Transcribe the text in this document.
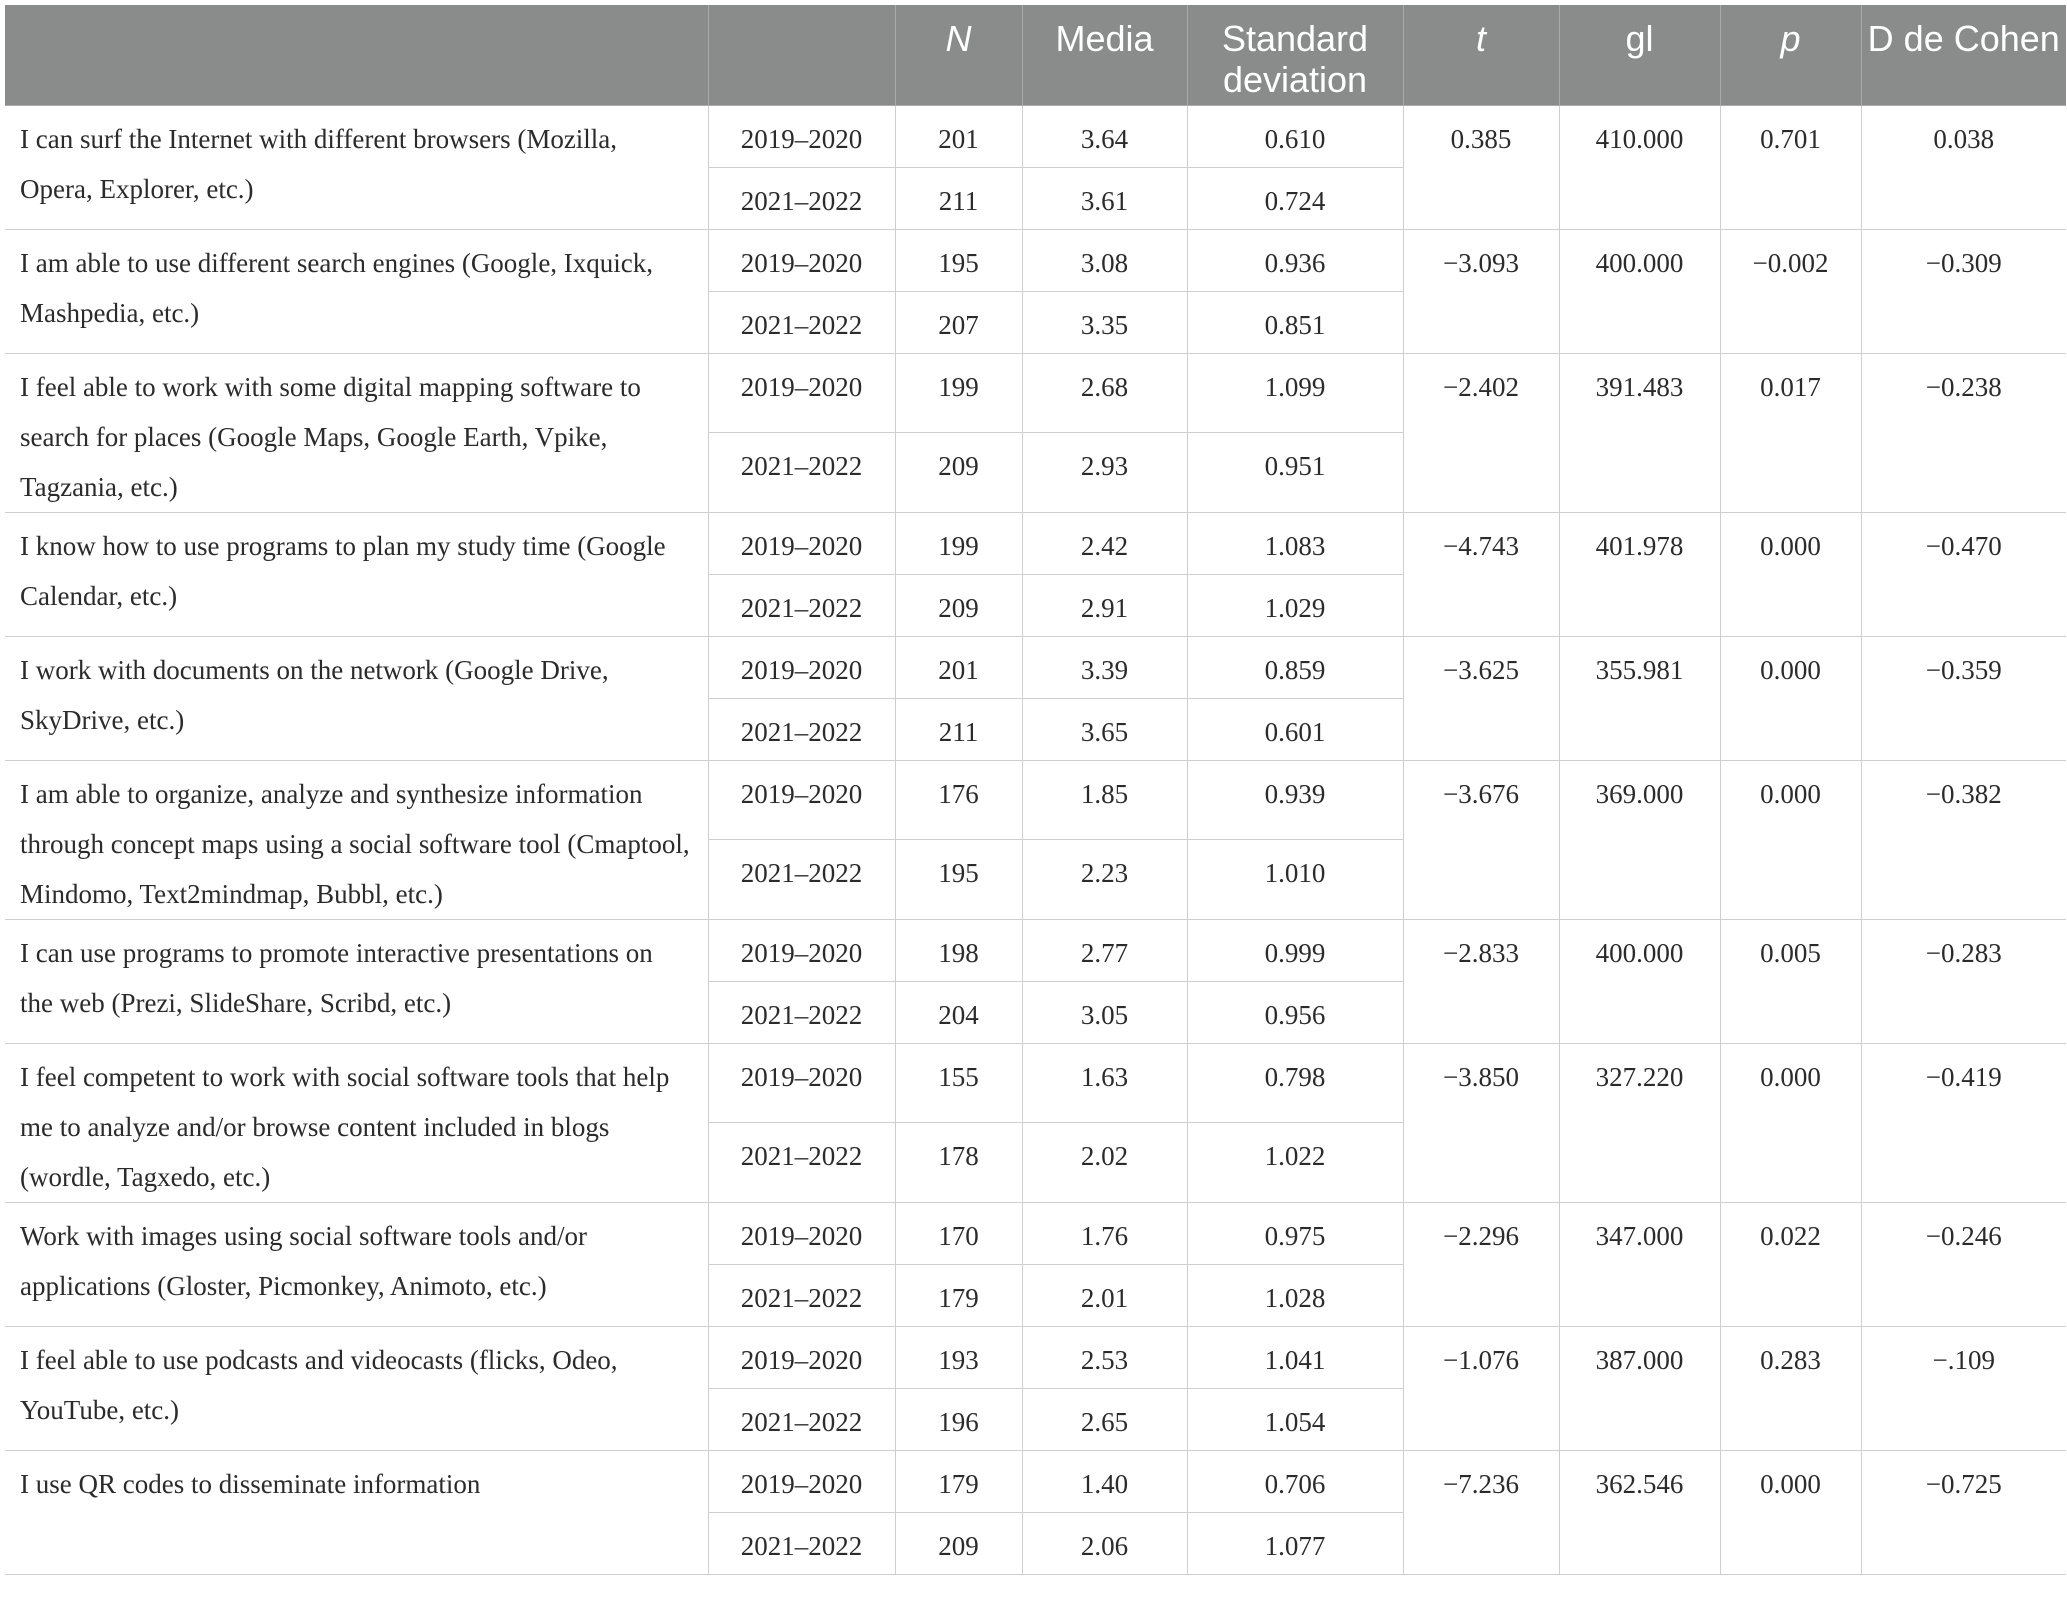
		N	Media	Standard deviation	t	gl	p	D de Cohen
I can surf the Internet with different browsers (Mozilla, Opera, Explorer, etc.)	2019–2020	201	3.64	0.610	0.385	410.000	0.701	0.038
	2021–2022	211	3.61	0.724				
I am able to use different search engines (Google, Ixquick, Mashpedia, etc.)	2019–2020	195	3.08	0.936	−3.093	400.000	−0.002	−0.309
	2021–2022	207	3.35	0.851				
I feel able to work with some digital mapping software to search for places (Google Maps, Google Earth, Vpike, Tagzania, etc.)	2019–2020	199	2.68	1.099	−2.402	391.483	0.017	−0.238
	2021–2022	209	2.93	0.951				
I know how to use programs to plan my study time (Google Calendar, etc.)	2019–2020	199	2.42	1.083	−4.743	401.978	0.000	−0.470
	2021–2022	209	2.91	1.029				
I work with documents on the network (Google Drive, SkyDrive, etc.)	2019–2020	201	3.39	0.859	−3.625	355.981	0.000	−0.359
	2021–2022	211	3.65	0.601				
I am able to organize, analyze and synthesize information through concept maps using a social software tool (Cmaptool, Mindomo, Text2mindmap, Bubbl, etc.)	2019–2020	176	1.85	0.939	−3.676	369.000	0.000	−0.382
	2021–2022	195	2.23	1.010				
I can use programs to promote interactive presentations on the web (Prezi, SlideShare, Scribd, etc.)	2019–2020	198	2.77	0.999	−2.833	400.000	0.005	−0.283
	2021–2022	204	3.05	0.956				
I feel competent to work with social software tools that help me to analyze and/or browse content included in blogs (wordle, Tagxedo, etc.)	2019–2020	155	1.63	0.798	−3.850	327.220	0.000	−0.419
	2021–2022	178	2.02	1.022				
Work with images using social software tools and/or applications (Gloster, Picmonkey, Animoto, etc.)	2019–2020	170	1.76	0.975	−2.296	347.000	0.022	−0.246
	2021–2022	179	2.01	1.028				
I feel able to use podcasts and videocasts (flicks, Odeo, YouTube, etc.)	2019–2020	193	2.53	1.041	−1.076	387.000	0.283	−.109
	2021–2022	196	2.65	1.054				
I use QR codes to disseminate information	2019–2020	179	1.40	0.706	−7.236	362.546	0.000	−0.725
	2021–2022	209	2.06	1.077				
